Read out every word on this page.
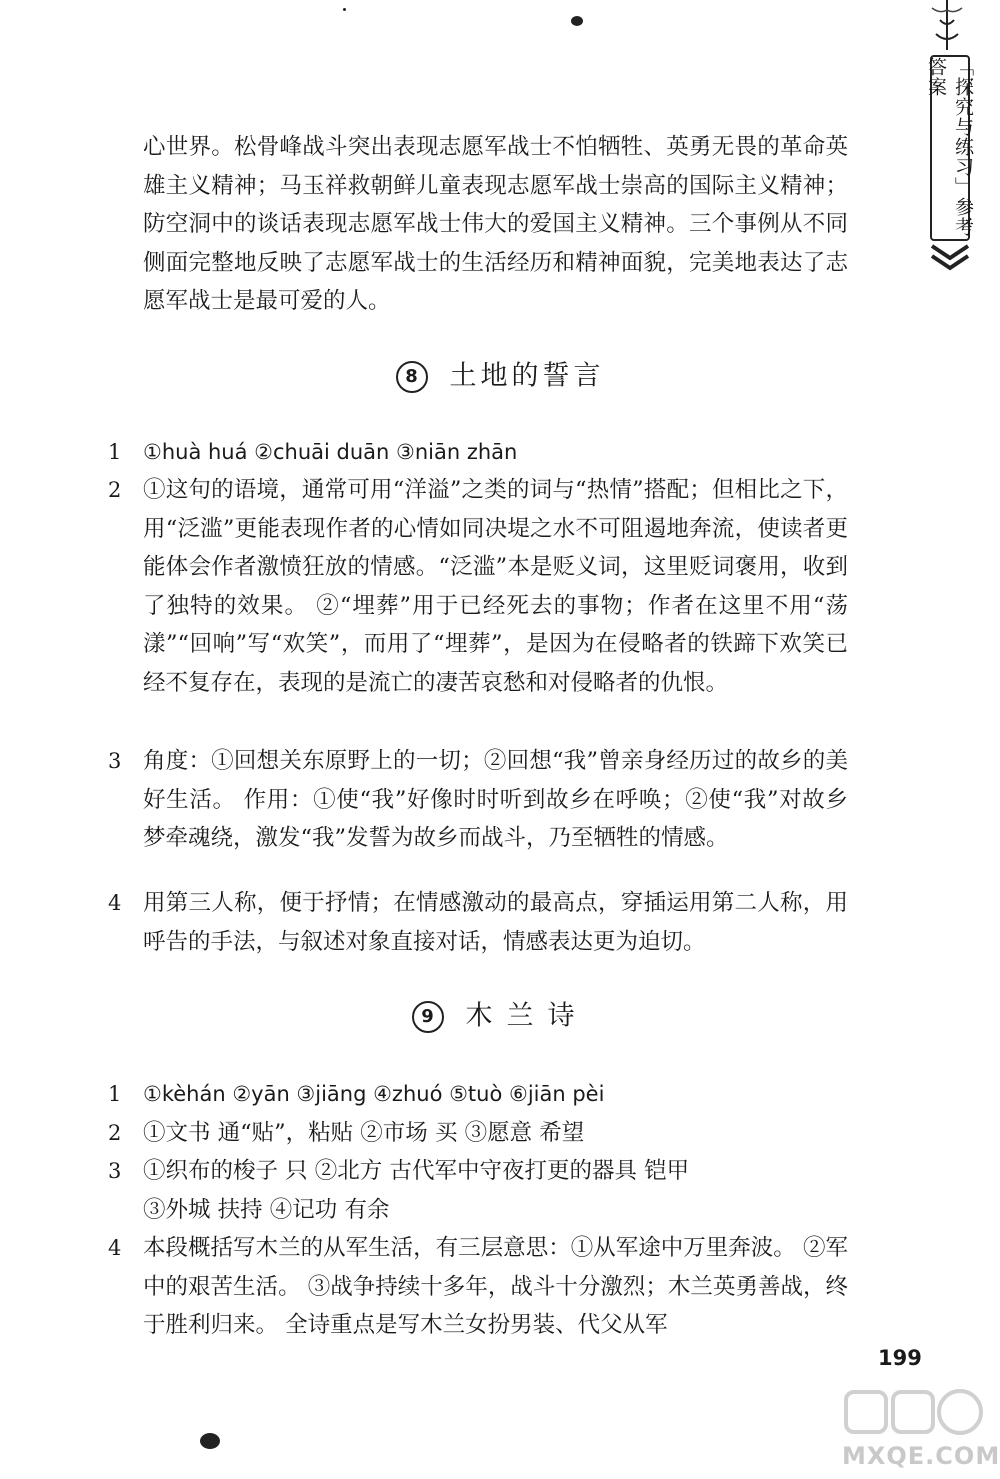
「探究与练习」参考答案

心世界。松骨峰战斗突出表现志愿军战士不怕牺牲、英勇无畏的革命英雄主义精神；马玉祥救朝鲜儿童表现志愿军战士崇高的国际主义精神；防空洞中的谈话表现志愿军战士伟大的爱国主义精神。三个事例从不同侧面完整地反映了志愿军战士的生活经历和精神面貌，完美地表达了志愿军战士是最可爱的人。

8 土地的誓言
1	①huà huá ②chuāi duān ③niān zhān
2 ①这句的语境，通常可用“洋溢”之类的词与“热情”搭配；但相比之下，用“泛滥”更能表现作者的心情如同决堤之水不可阻遏地奔流，使读者更能体会作者激愤狂放的情感。“泛滥”本是贬义词，这里贬词褒用，收到了独特的效果。 ②“埋葬”用于已经死去的事物；作者在这里不用“荡漾”“回响”写“欢笑”，而用了“埋葬”，是因为在侵略者的铁蹄下欢笑已经不复存在，表现的是流亡的凄苦哀愁和对侵略者的仇恨。
3 角度：①回想关东原野上的一切；②回想“我”曾亲身经历过的故乡的美好生活。 作用：①使“我”好像时时听到故乡在呼唤；②使“我”对故乡梦牵魂绕，激发“我”发誓为故乡而战斗，乃至牺牲的情感。
4 用第三人称，便于抒情；在情感激动的最高点，穿插运用第二人称，用呼告的手法，与叙述对象直接对话，情感表达更为迫切。
9 木兰诗
1	①kèhán ②yān ③jiāng ④zhuó ⑤tuò ⑥jiān pèi
2 ①文书 通“贴”，粘贴 ②市场 买 ③愿意 希望
3 ①织布的梭子 只 ②北方 古代军中守夜打更的器具 铠甲
③外城 扶持 ④记功 有余
4 本段概括写木兰的从军生活，有三层意思：①从军途中万里奔波。 ②军中的艰苦生活。 ③战争持续十多年，战斗十分激烈；木兰英勇善战，终于胜利归来。 全诗重点是写木兰女扮男装、代父从军
199
MXQE.COM
